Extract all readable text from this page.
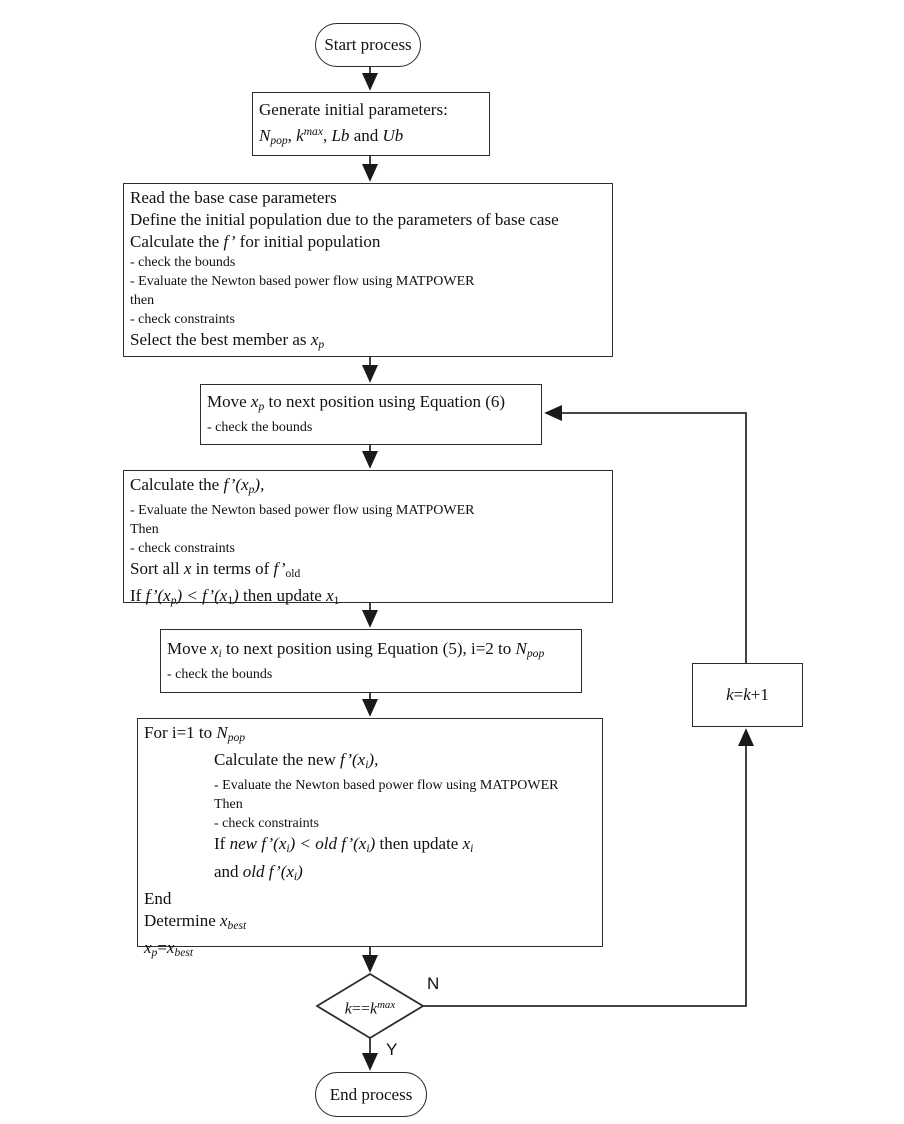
Start process
Generate initial parameters:
Npop, $k^{max}$, Lb and Ub
Read the base case parameters
Define the initial population due to the parameters of base case
Calculate the f’ for initial population
- check the bounds
- Evaluate the Newton based power flow using MATPOWER
then
- check constraints
Select the best member as xp
Move xp to next position using Equation (6)
- check the bounds
Calculate the f’(xp),
- Evaluate the Newton based power flow using MATPOWER
Then
- check constraints
Sort all x in terms of f’old
If f’(xp) < f’(x1) then update x1
Move xi to next position using Equation (5), i=2 to Npop
- check the bounds
For i=1 to Npop
Calculate the new f’(xi),
- Evaluate the Newton based power flow using MATPOWER
Then
- check constraints
If new f’(xi) < old f’(xi) then update xi
and old f’(xi)
End
Determine xbest
xp=xbest
k=k+1
$k==k^{max}$
End process
N
Y
